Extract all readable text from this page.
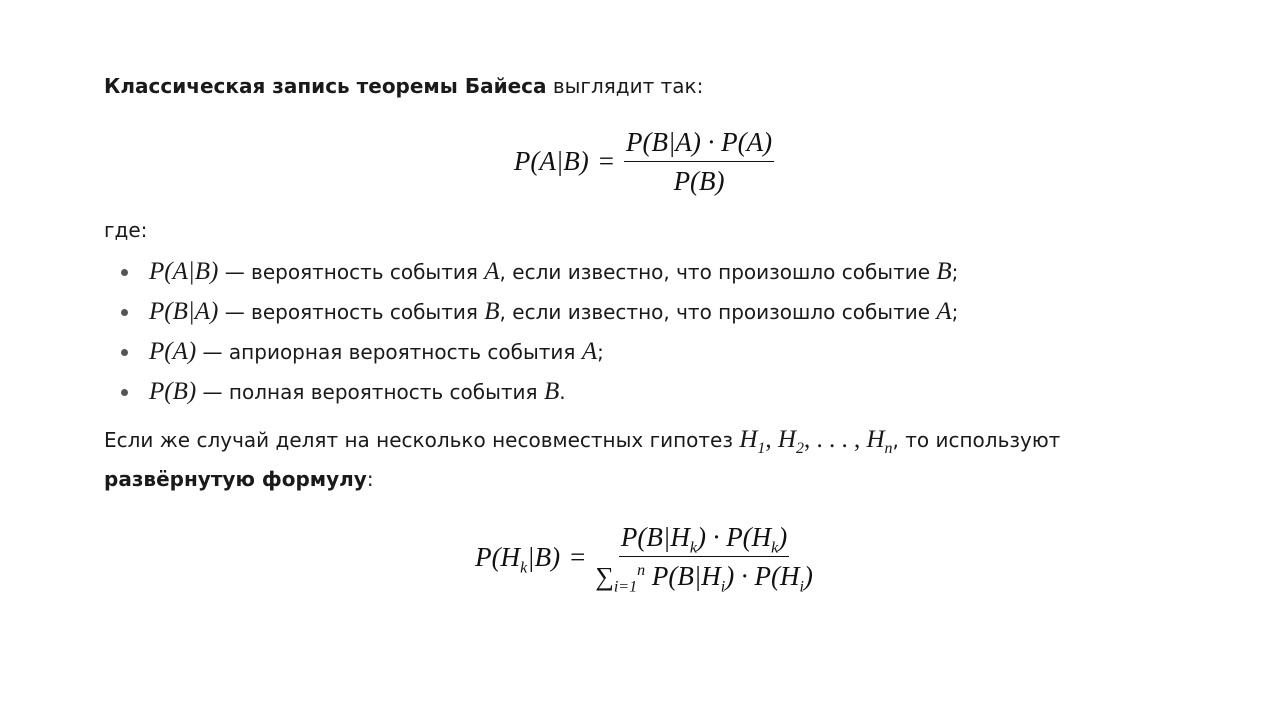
Классическая запись теоремы Байеса выглядит так:

$P(A|B) = \frac{P(B|A) \cdot P(A)}{P(B)}$

где:

P(A|B) — вероятность события A, если известно, что произошло событие B;
P(B|A) — вероятность события B, если известно, что произошло событие A;
P(A) — априорная вероятность события A;
P(B) — полная вероятность события B.

Если же случай делят на несколько несовместных гипотез $H_1$, $H_2$, . . . , $H_n$, то используют
развёрнутую формулу:

$P(H_k|B) = \frac{P(B|H_k) \cdot P(H_k)}{\sum_{i=1}^n P(B|H_i) \cdot P(H_i)}$
